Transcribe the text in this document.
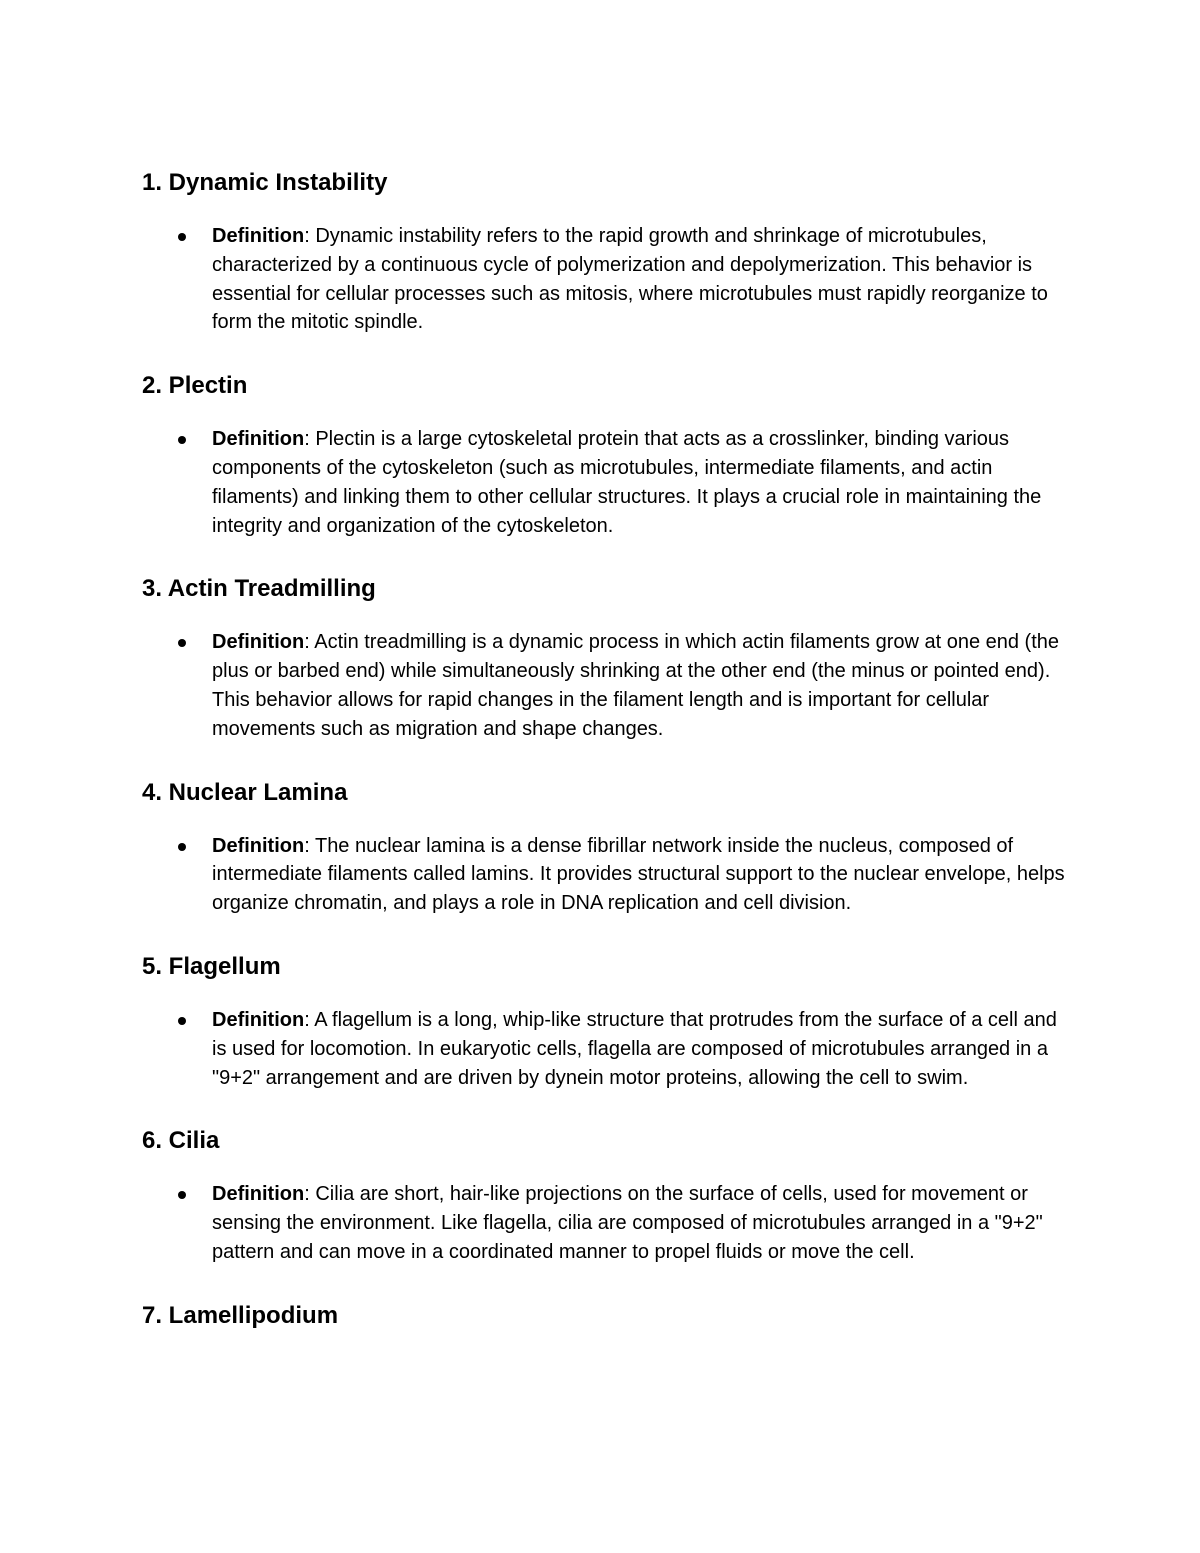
1. Dynamic Instability
Definition: Dynamic instability refers to the rapid growth and shrinkage of microtubules, characterized by a continuous cycle of polymerization and depolymerization. This behavior is essential for cellular processes such as mitosis, where microtubules must rapidly reorganize to form the mitotic spindle.
2. Plectin
Definition: Plectin is a large cytoskeletal protein that acts as a crosslinker, binding various components of the cytoskeleton (such as microtubules, intermediate filaments, and actin filaments) and linking them to other cellular structures. It plays a crucial role in maintaining the integrity and organization of the cytoskeleton.
3. Actin Treadmilling
Definition: Actin treadmilling is a dynamic process in which actin filaments grow at one end (the plus or barbed end) while simultaneously shrinking at the other end (the minus or pointed end). This behavior allows for rapid changes in the filament length and is important for cellular movements such as migration and shape changes.
4. Nuclear Lamina
Definition: The nuclear lamina is a dense fibrillar network inside the nucleus, composed of intermediate filaments called lamins. It provides structural support to the nuclear envelope, helps organize chromatin, and plays a role in DNA replication and cell division.
5. Flagellum
Definition: A flagellum is a long, whip-like structure that protrudes from the surface of a cell and is used for locomotion. In eukaryotic cells, flagella are composed of microtubules arranged in a "9+2" arrangement and are driven by dynein motor proteins, allowing the cell to swim.
6. Cilia
Definition: Cilia are short, hair-like projections on the surface of cells, used for movement or sensing the environment. Like flagella, cilia are composed of microtubules arranged in a "9+2" pattern and can move in a coordinated manner to propel fluids or move the cell.
7. Lamellipodium
